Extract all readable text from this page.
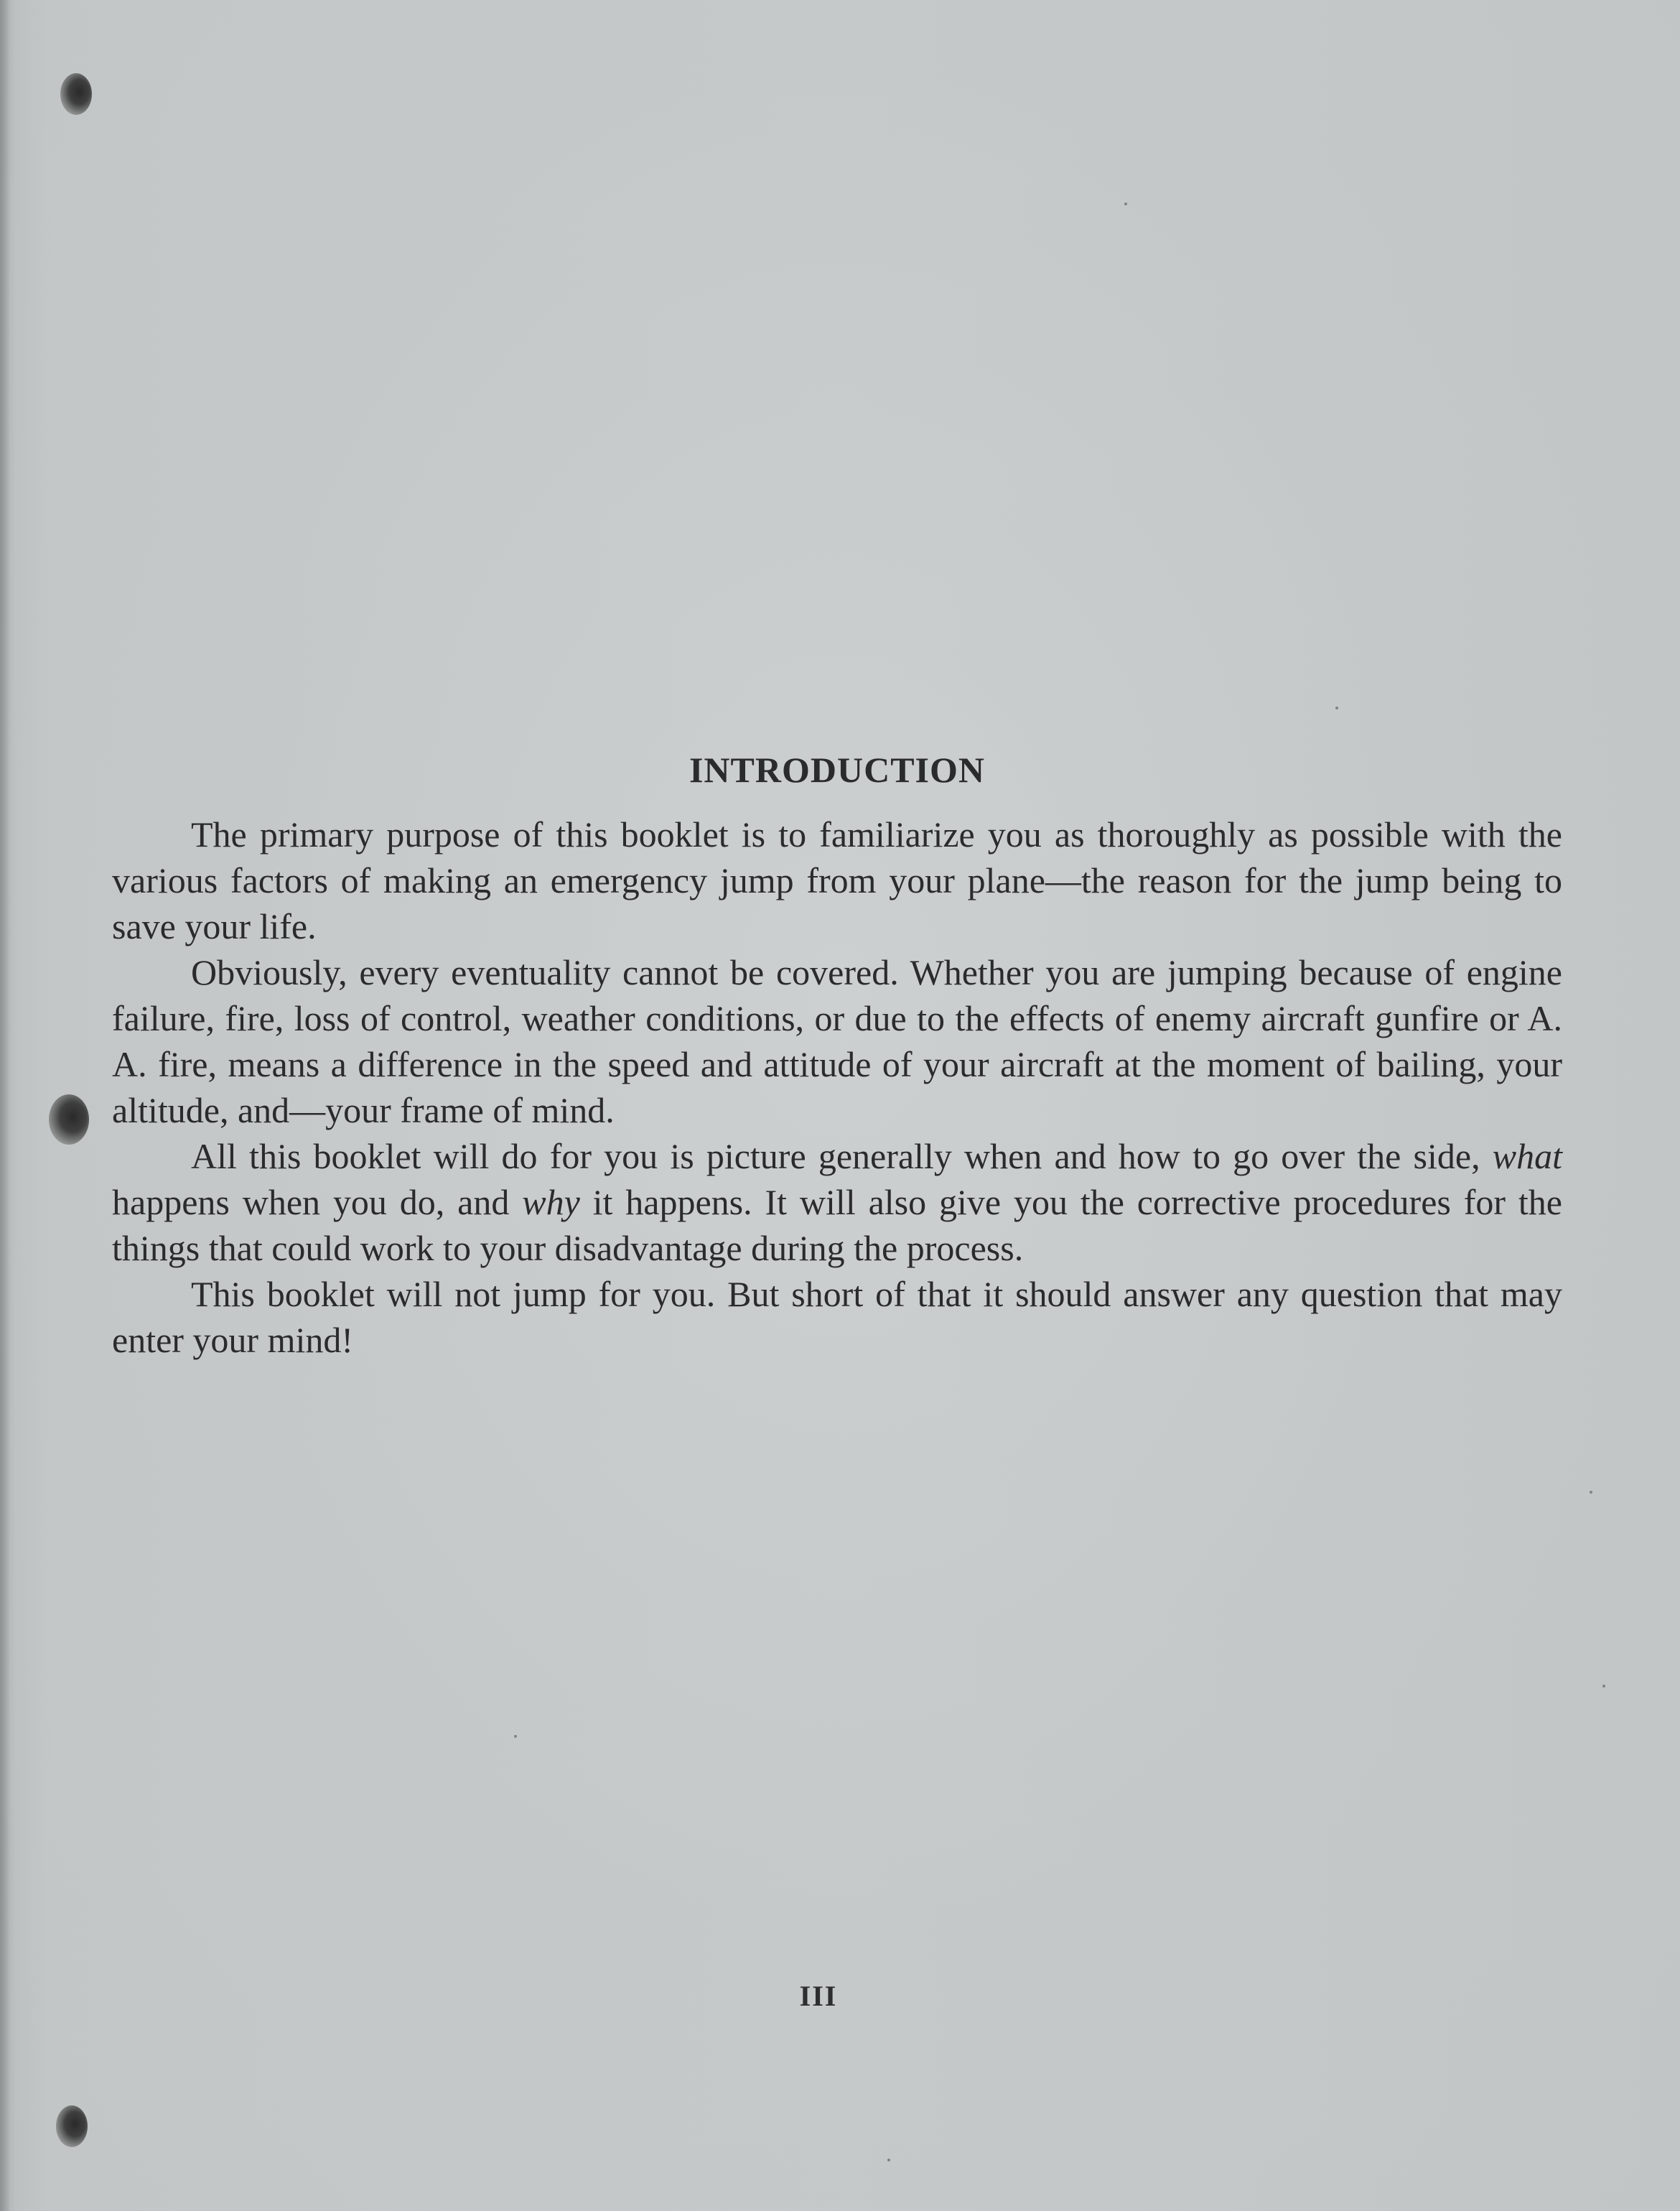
INTRODUCTION

The primary purpose of this booklet is to familiarize you as thoroughly as possible with the various factors of making an emergency jump from your plane—the reason for the jump being to save your life.

Obviously, every eventuality cannot be covered. Whether you are jumping because of engine failure, fire, loss of control, weather conditions, or due to the effects of enemy aircraft gunfire or A. A. fire, means a difference in the speed and attitude of your aircraft at the moment of bailing, your altitude, and—your frame of mind.

All this booklet will do for you is picture generally when and how to go over the side, what happens when you do, and why it happens. It will also give you the corrective procedures for the things that could work to your disadvantage during the process.

This booklet will not jump for you. But short of that it should answer any question that may enter your mind!

III
